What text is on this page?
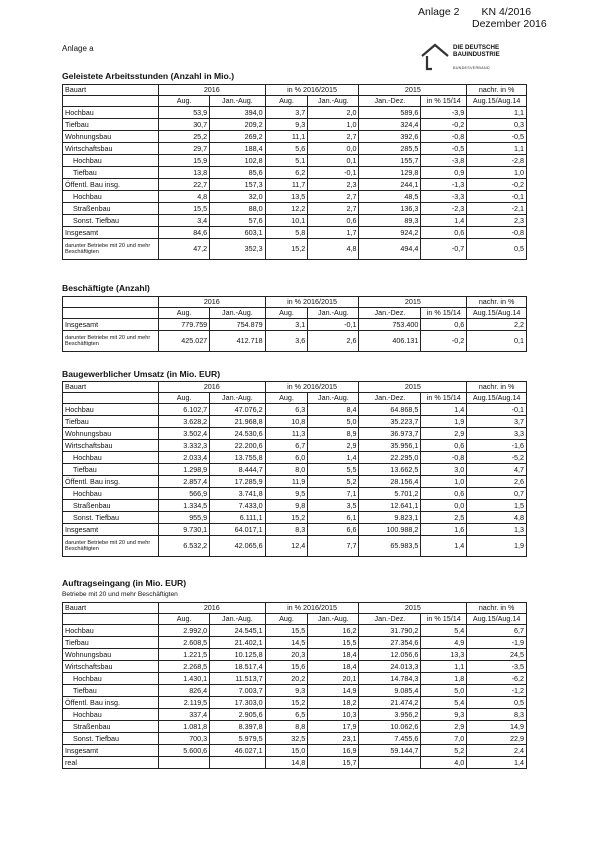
Anlage 2 KN 4/2016
Dezember 2016
Anlage a	DIE DEUTSCHE
BAUINDUSTRIE
BUNDESVERBAND
Geleistete Arbeitsstunden (Anzahl in Mio.)
Bauart	2016		in % 2016/2015		2015		nachr. in %
	Aug.	Jan.-Aug.	Aug.	Jan.-Aug.	Jan.-Dez.	in % 15/14	Aug.15/Aug.14
Hochbau	53,9	394,0	3,7	2,0	589,6	-3,9	1,1
Tiefbau	30,7	209,2	9,3	1,0	324,4	-0,2	0,3
Wohnungsbau	25,2	269,2	11,1	2,7	392,6	-0,8	-0,5
Wirtschaftsbau	29,7	188,4	5,6	0,0	285,5	-0,5	1,1
Hochbau	15,9	102,8	5,1	0,1	155,7	-3,8	-2,8
Tiefbau	13,8	85,6	6,2	-0,1	129,8	0,9	1,0
Öffentl. Bau insg.	22,7	157,3	11,7	2,3	244,1	-1,3	-0,2
Hochbau	4,8	32,0	13,5	2,7	48,5	-3,3	-0,1
Straßenbau	15,5	88,0	12,2	2,7	136,3	-2,3	-2,1
Sonst. Tiefbau	3,4	57,6	10,1	0,6	89,3	1,4	2,3
Insgesamt	84,6	603,1	5,8	1,7	924,2	0,6	-0,8
darunter Betriebe mit 20 und mehr Beschäftigten	47,2	352,3	15,2	4,8	494,4	-0,7	0,5
Beschäftigte (Anzahl)
	2016		in % 2016/2015		2015		nachr. in %
	Aug.	Jan.-Aug.	Aug.	Jan.-Aug.	Jan.-Dez.	in % 15/14	Aug.15/Aug.14
Insgesamt	779.759	754.879	3,1	-0,1	753.400	0,6	2,2
darunter Betriebe mit 20 und mehr Beschäftigten	425.027	412.718	3,6	2,6	406.131	-0,2	0,1
Baugewerblicher Umsatz (in Mio. EUR)
Bauart	2016		in % 2016/2015		2015		nachr. in %
	Aug.	Jan.-Aug.	Aug.	Jan.-Aug.	Jan.-Dez.	in % 15/14	Aug.15/Aug.14
Hochbau	6.102,7	47.076,2	6,3	8,4	64.868,5	1,4	-0,1
Tiefbau	3.628,2	21.968,8	10,8	5,0	35.223,7	1,9	3,7
Wohnungsbau	3.502,4	24.530,6	11,3	8,9	36.973,7	2,9	3,3
Wirtschaftsbau	3.332,3	22.200,6	6,7	2,9	35.956,1	0,6	-1,6
Hochbau	2.033,4	13.755,8	6,0	1,4	22.295,0	-0,8	-5,2
Tiefbau	1.298,9	8.444,7	8,0	5,5	13.662,5	3,0	4,7
Öffentl. Bau insg.	2.857,4	17.285,9	11,9	5,2	28.156,4	1,0	2,6
Hochbau	566,9	3.741,8	9,5	7,1	5.701,2	0,6	0,7
Straßenbau	1.334,5	7.433,0	9,8	3,5	12.641,1	0,0	1,5
Sonst. Tiefbau	955,9	6.111,1	15,2	6,1	9.823,1	2,5	4,8
Insgesamt	9.730,1	64.017,1	8,3	6,6	100.988,2	1,6	1,3
darunter Betriebe mit 20 und mehr Beschäftigten	6.532,2	42.065,6	12,4	7,7	65.983,5	1,4	1,9
Auftragseingang (in Mio. EUR)
Betriebe mit 20 und mehr Beschäftigten
Bauart	2016		in % 2016/2015		2015		nachr. in %
	Aug.	Jan.-Aug.	Aug.	Jan.-Aug.	Jan.-Dez.	in % 15/14	Aug.15/Aug.14
Hochbau	2.992,0	24.545,1	15,5	16,2	31.790,2	5,4	6,7
Tiefbau	2.608,5	21.402,1	14,5	15,5	27.354,6	4,9	-1,9
Wohnungsbau	1.221,5	10.125,8	20,3	18,4	12.056,6	13,3	24,5
Wirtschaftsbau	2.268,5	18.517,4	15,6	18,4	24.013,3	1,1	-3,5
Hochbau	1.430,1	11.513,7	20,2	20,1	14.784,3	1,8	-6,2
Tiefbau	826,4	7.003,7	9,3	14,9	9.085,4	5,0	-1,2
Öffentl. Bau insg.	2.119,5	17.303,0	15,2	18,2	21.474,2	5,4	0,5
Hochbau	337,4	2.905,6	6,5	10,3	3.956,2	9,3	8,3
Straßenbau	1.081,8	8.397,8	8,8	17,9	10.062,6	2,9	14,9
Sonst. Tiefbau	700,3	5.979,5	32,5	23,1	7.455,6	7,0	22,9
Insgesamt	5.600,6	46.027,1	15,0	16,9	59.144,7	5,2	2,4
real			14,8	15,7		4,0	1,4
